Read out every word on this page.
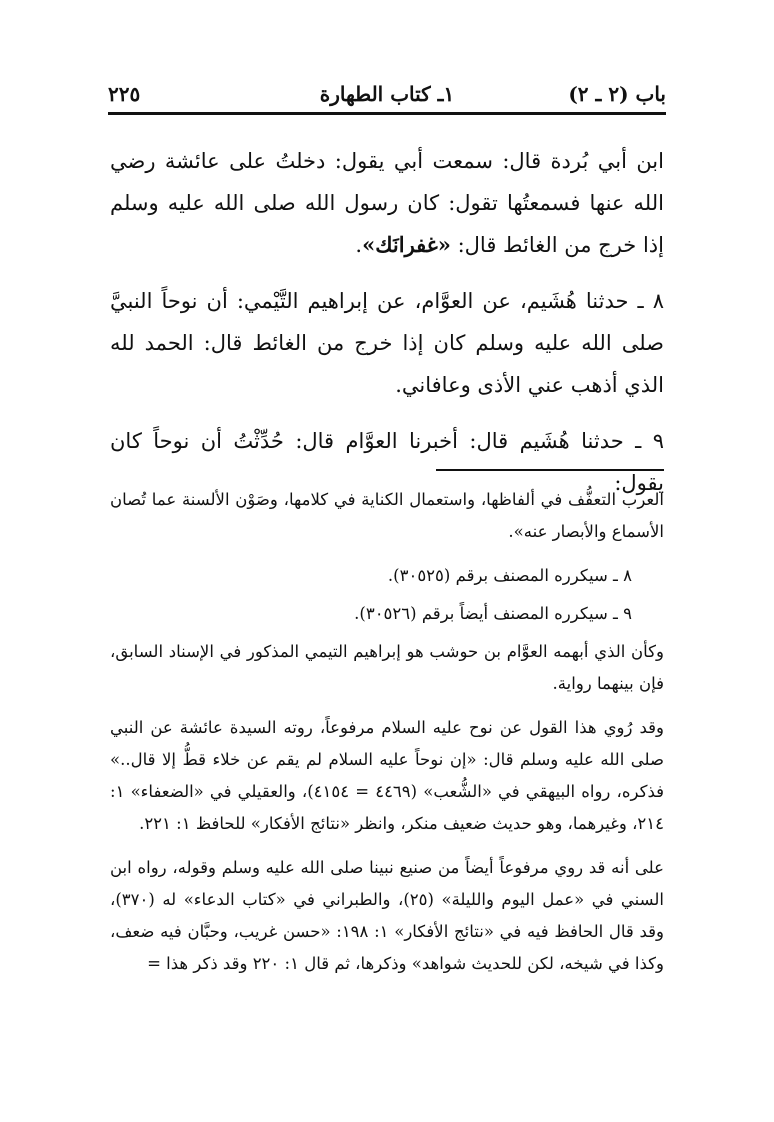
باب (٢ ـ ٢)
١ـ كتاب الطهارة
٢٢٥

ابن أبي بُردة قال: سمعت أبي يقول: دخلتُ على عائشة رضي الله عنها فسمعتُها تقول: كان رسول الله صلى الله عليه وسلم إذا خرج من الغائط قال: «غفرانَك».

٨ ـ حدثنا هُشَيم، عن العوَّام، عن إبراهيم التَّيْمي: أن نوحاً النبيَّ صلى الله عليه وسلم كان إذا خرج من الغائط قال: الحمد لله الذي أذهب عني الأذى وعافاني.

٩ ـ حدثنا هُشَيم قال: أخبرنا العوَّام قال: حُدِّثْتُ أن نوحاً كان يقول:

العرب التعفُّف في ألفاظها، واستعمال الكناية في كلامها، وصَوْن الألسنة عما تُصان الأسماع والأبصار عنه».

٨ ـ سيكرره المصنف برقم (٣٠٥٢٥).

٩ ـ سيكرره المصنف أيضاً برقم (٣٠٥٢٦).

وكأن الذي أبهمه العوَّام بن حوشب هو إبراهيم التيمي المذكور في الإسناد السابق، فإن بينهما رواية.

وقد رُوي هذا القول عن نوح عليه السلام مرفوعاً، روته السيدة عائشة عن النبي صلى الله عليه وسلم قال: «إن نوحاً عليه السلام لم يقم عن خلاء قطُّ إلا قال..» فذكره، رواه البيهقي في «الشُّعب» (٤٤٦٩ = ٤١٥٤)، والعقيلي في «الضعفاء» ١: ٢١٤، وغيرهما، وهو حديث ضعيف منكر، وانظر «نتائج الأفكار» للحافظ ١: ٢٢١.

على أنه قد روي مرفوعاً أيضاً من صنيع نبينا صلى الله عليه وسلم وقوله، رواه ابن السني في «عمل اليوم والليلة» (٢٥)، والطبراني في «كتاب الدعاء» له (٣٧٠)، وقد قال الحافظ فيه في «نتائج الأفكار» ١: ١٩٨: «حسن غريب، وحبَّان فيه ضعف، وكذا في شيخه، لكن للحديث شواهد» وذكرها، ثم قال ١: ٢٢٠ وقد ذكر هذا =
